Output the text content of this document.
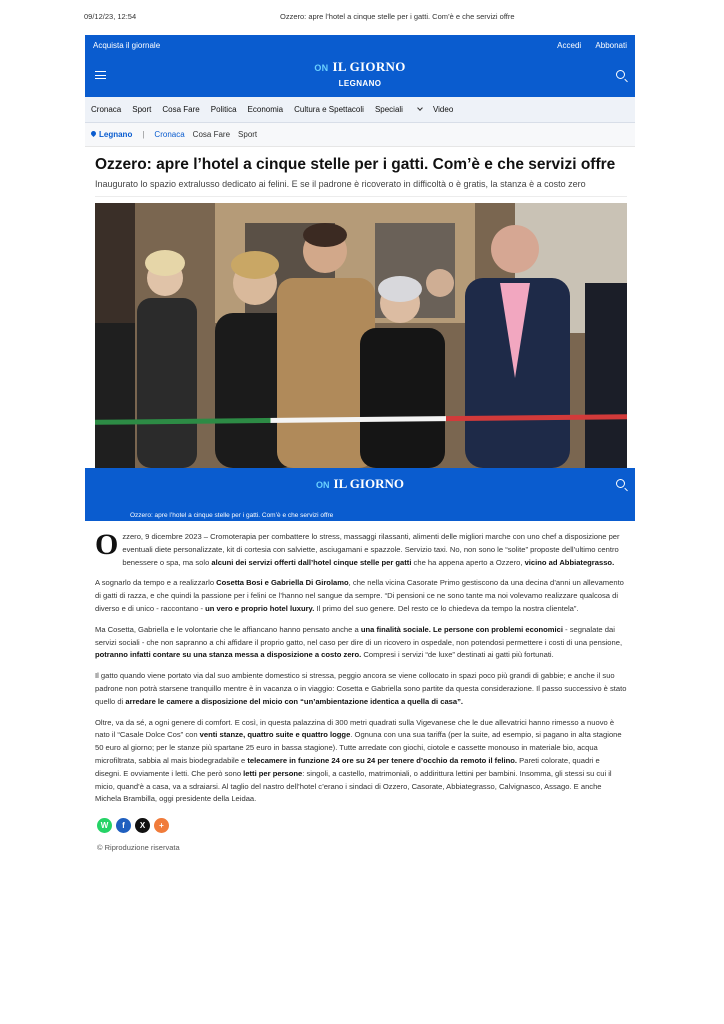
09/12/23, 12:54	Ozzero: apre l’hotel a cinque stelle per i gatti. Com’è e che servizi offre
Acquista il giornale	Accedi Abbonati
ON IL GIORNO
LEGNANO
Cronaca Sport Cosa Fare Politica Economia Cultura e Spettacoli Speciali	Video
Legnano | Cronaca Cosa Fare Sport
Ozzero: apre l’hotel a cinque stelle per i gatti. Com’è e che servizi offre
Inaugurato lo spazio extralusso dedicato ai felini. E se il padrone è ricoverato in difficoltà o è gratis, la stanza è a costo zero
ON IL GIORNO
Ozzero: apre l’hotel a cinque stelle per i gatti. Com’è e che servizi offre

Ozzero, 9 dicembre 2023 – Cromoterapia per combattere lo stress, massaggi rilassanti, alimenti delle migliori marche con uno chef a disposizione per eventuali diete personalizzate, kit di cortesia con salviette, asciugamani e spazzole. Servizio taxi. No, non sono le “solite” proposte dell’ultimo centro benessere o spa, ma solo alcuni dei servizi offerti dall’hotel cinque stelle per gatti che ha appena aperto a Ozzero, vicino ad Abbiategrasso.

A sognarlo da tempo e a realizzarlo Cosetta Bosi e Gabriella Di Girolamo, che nella vicina Casorate Primo gestiscono da una decina d’anni un allevamento di gatti di razza, e che quindi la passione per i felini ce l’hanno nel sangue da sempre. “Di pensioni ce ne sono tante ma noi volevamo realizzare qualcosa di diverso e di unico - raccontano - un vero e proprio hotel luxury. Il primo del suo genere. Del resto ce lo chiedeva da tempo la nostra clientela”.

Ma Cosetta, Gabriella e le volontarie che le affiancano hanno pensato anche a una finalità sociale. Le persone con problemi economici - segnalate dai servizi sociali - che non sapranno a chi affidare il proprio gatto, nel caso per dire di un ricovero in ospedale, non potendosi permettere i costi di una pensione, potranno infatti contare su una stanza messa a disposizione a costo zero. Compresi i servizi “de luxe” destinati ai gatti più fortunati.

Il gatto quando viene portato via dal suo ambiente domestico si stressa, peggio ancora se viene collocato in spazi poco più grandi di gabbie; e anche il suo padrone non potrà starsene tranquillo mentre è in vacanza o in viaggio: Cosetta e Gabriella sono partite da questa considerazione. Il passo successivo è stato quello di arredare le camere a disposizione del micio con “un’ambientazione identica a quella di casa”.

Oltre, va da sé, a ogni genere di comfort. E così, in questa palazzina di 300 metri quadrati sulla Vigevanese che le due allevatrici hanno rimesso a nuovo è nato il “Casale Dolce Cos” con venti stanze, quattro suite e quattro logge. Ognuna con una sua tariffa (per la suite, ad esempio, si pagano in alta stagione 50 euro al giorno; per le stanze più spartane 25 euro in bassa stagione). Tutte arredate con giochi, ciotole e cassette monouso in materiale bio, acqua microfiltrata, sabbia al mais biodegradabile e telecamere in funzione 24 ore su 24 per tenere d’occhio da remoto il felino. Pareti colorate, quadri e disegni. E ovviamente i letti. Che però sono letti per persone: singoli, a castello, matrimoniali, o addirittura lettini per bambini. Insomma, gli stessi su cui il micio, quand’è a casa, va a sdraiarsi. Al taglio del nastro dell’hotel c’erano i sindaci di Ozzero, Casorate, Abbiategrasso, Calvignasco, Assago. E anche Michela Brambilla, oggi presidente della Leidaa.

W	f	X	+
© Riproduzione riservata
